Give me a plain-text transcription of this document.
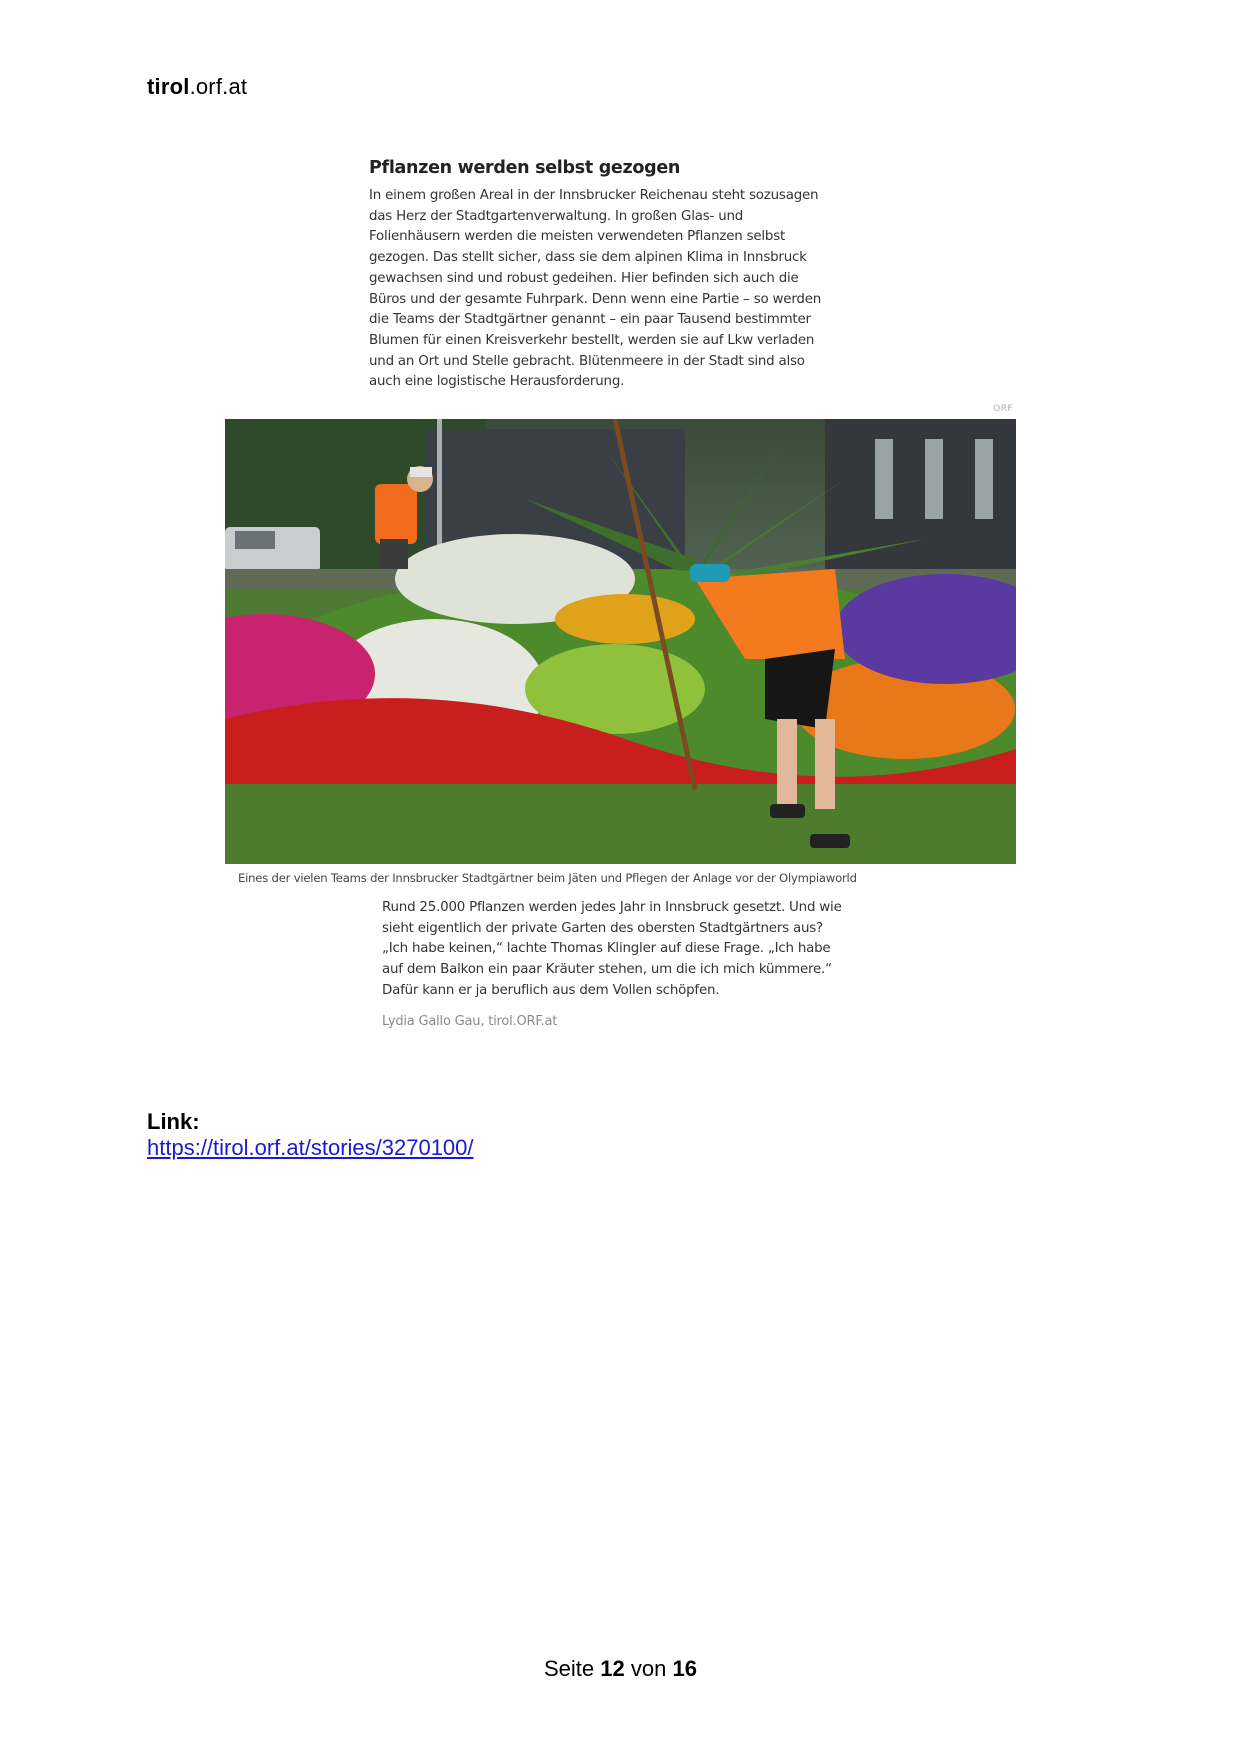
tirol.orf.at
Pflanzen werden selbst gezogen

In einem großen Areal in der Innsbrucker Reichenau steht sozusagen
das Herz der Stadtgartenverwaltung. In großen Glas- und
Folienhäusern werden die meisten verwendeten Pflanzen selbst
gezogen. Das stellt sicher, dass sie dem alpinen Klima in Innsbruck
gewachsen sind und robust gedeihen. Hier befinden sich auch die
Büros und der gesamte Fuhrpark. Denn wenn eine Partie – so werden
die Teams der Stadtgärtner genannt – ein paar Tausend bestimmter
Blumen für einen Kreisverkehr bestellt, werden sie auf Lkw verladen
und an Ort und Stelle gebracht. Blütenmeere in der Stadt sind also
auch eine logistische Herausforderung.

ORF
Eines der vielen Teams der Innsbrucker Stadtgärtner beim Jäten und Pflegen der Anlage vor der Olympiaworld

Rund 25.000 Pflanzen werden jedes Jahr in Innsbruck gesetzt. Und wie
sieht eigentlich der private Garten des obersten Stadtgärtners aus?
„Ich habe keinen,“ lachte Thomas Klingler auf diese Frage. „Ich habe
auf dem Balkon ein paar Kräuter stehen, um die ich mich kümmere.“
Dafür kann er ja beruflich aus dem Vollen schöpfen.

Lydia Gallo Gau, tirol.ORF.at
Link:
https://tirol.orf.at/stories/3270100/
Seite 12 von 16
